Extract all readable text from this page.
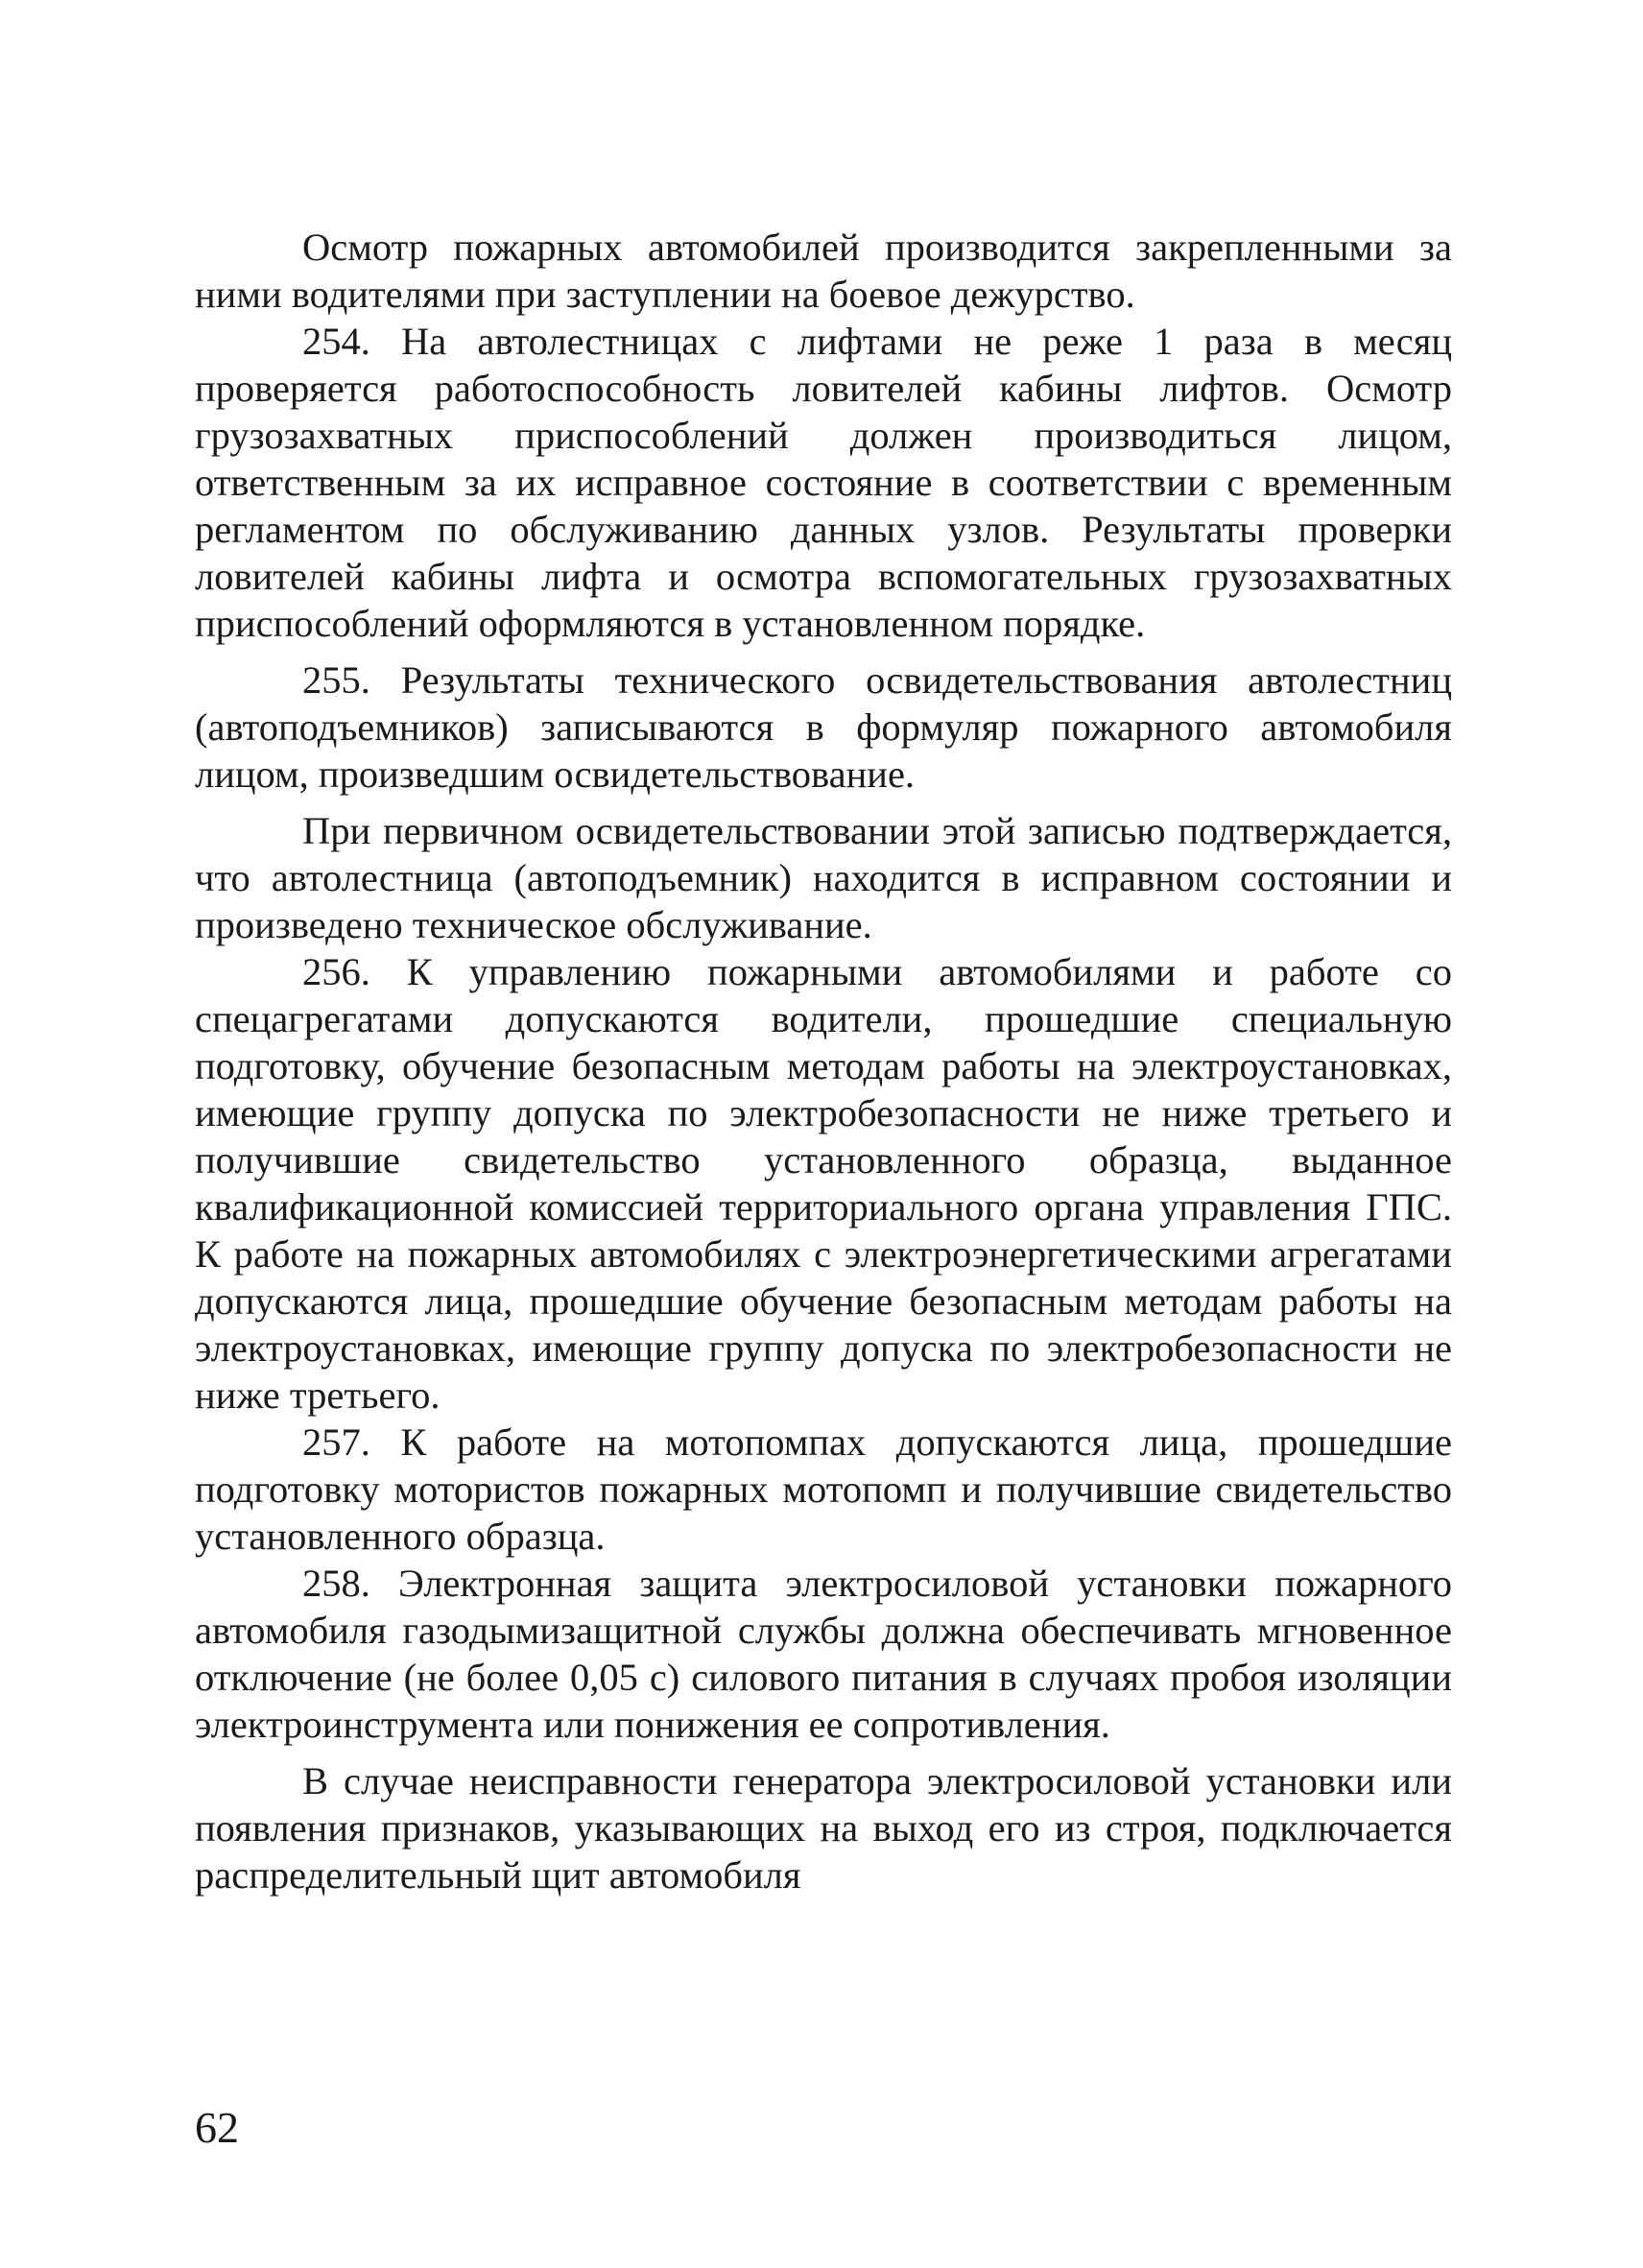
Осмотр пожарных автомобилей производится закрепленными за ними водителями при заступлении на боевое дежурство.

254. На автолестницах с лифтами не реже 1 раза в месяц проверяется работоспособность ловителей кабины лифтов. Осмотр грузозахватных приспособлений должен производиться лицом, ответственным за их исправное состояние в соответствии с временным регламентом по обслуживанию данных узлов. Результаты проверки ловителей кабины лифта и осмотра вспомогательных грузозахватных приспособлений оформляются в установленном порядке.

255. Результаты технического освидетельствования автолестниц (автоподъемников) записываются в формуляр пожарного автомобиля лицом, произведшим освидетельствование.

При первичном освидетельствовании этой записью подтверждается, что автолестница (автоподъемник) находится в исправном состоянии и произведено техническое обслуживание.

256. К управлению пожарными автомобилями и работе со спецагрегатами допускаются водители, прошедшие специальную подготовку, обучение безопасным методам работы на электроустановках, имеющие группу допуска по электробезопасности не ниже третьего и получившие свидетельство установленного образца, выданное квалификационной комиссией территориального органа управления ГПС. К работе на пожарных автомобилях с электроэнергетическими агрегатами допускаются лица, прошедшие обучение безопасным методам работы на электроустановках, имеющие группу допуска по электробезопасности не ниже третьего.

257. К работе на мотопомпах допускаются лица, прошедшие подготовку мотористов пожарных мотопомп и получившие свидетельство установленного образца.

258. Электронная защита электросиловой установки пожарного автомобиля газодымизащитной службы должна обеспечивать мгновенное отключение (не более 0,05 с) силового питания в случаях пробоя изоляции электроинструмента или понижения ее сопротивления.

В случае неисправности генератора электросиловой установки или появления признаков, указывающих на выход его из строя, подключается распределительный щит автомобиля

62
